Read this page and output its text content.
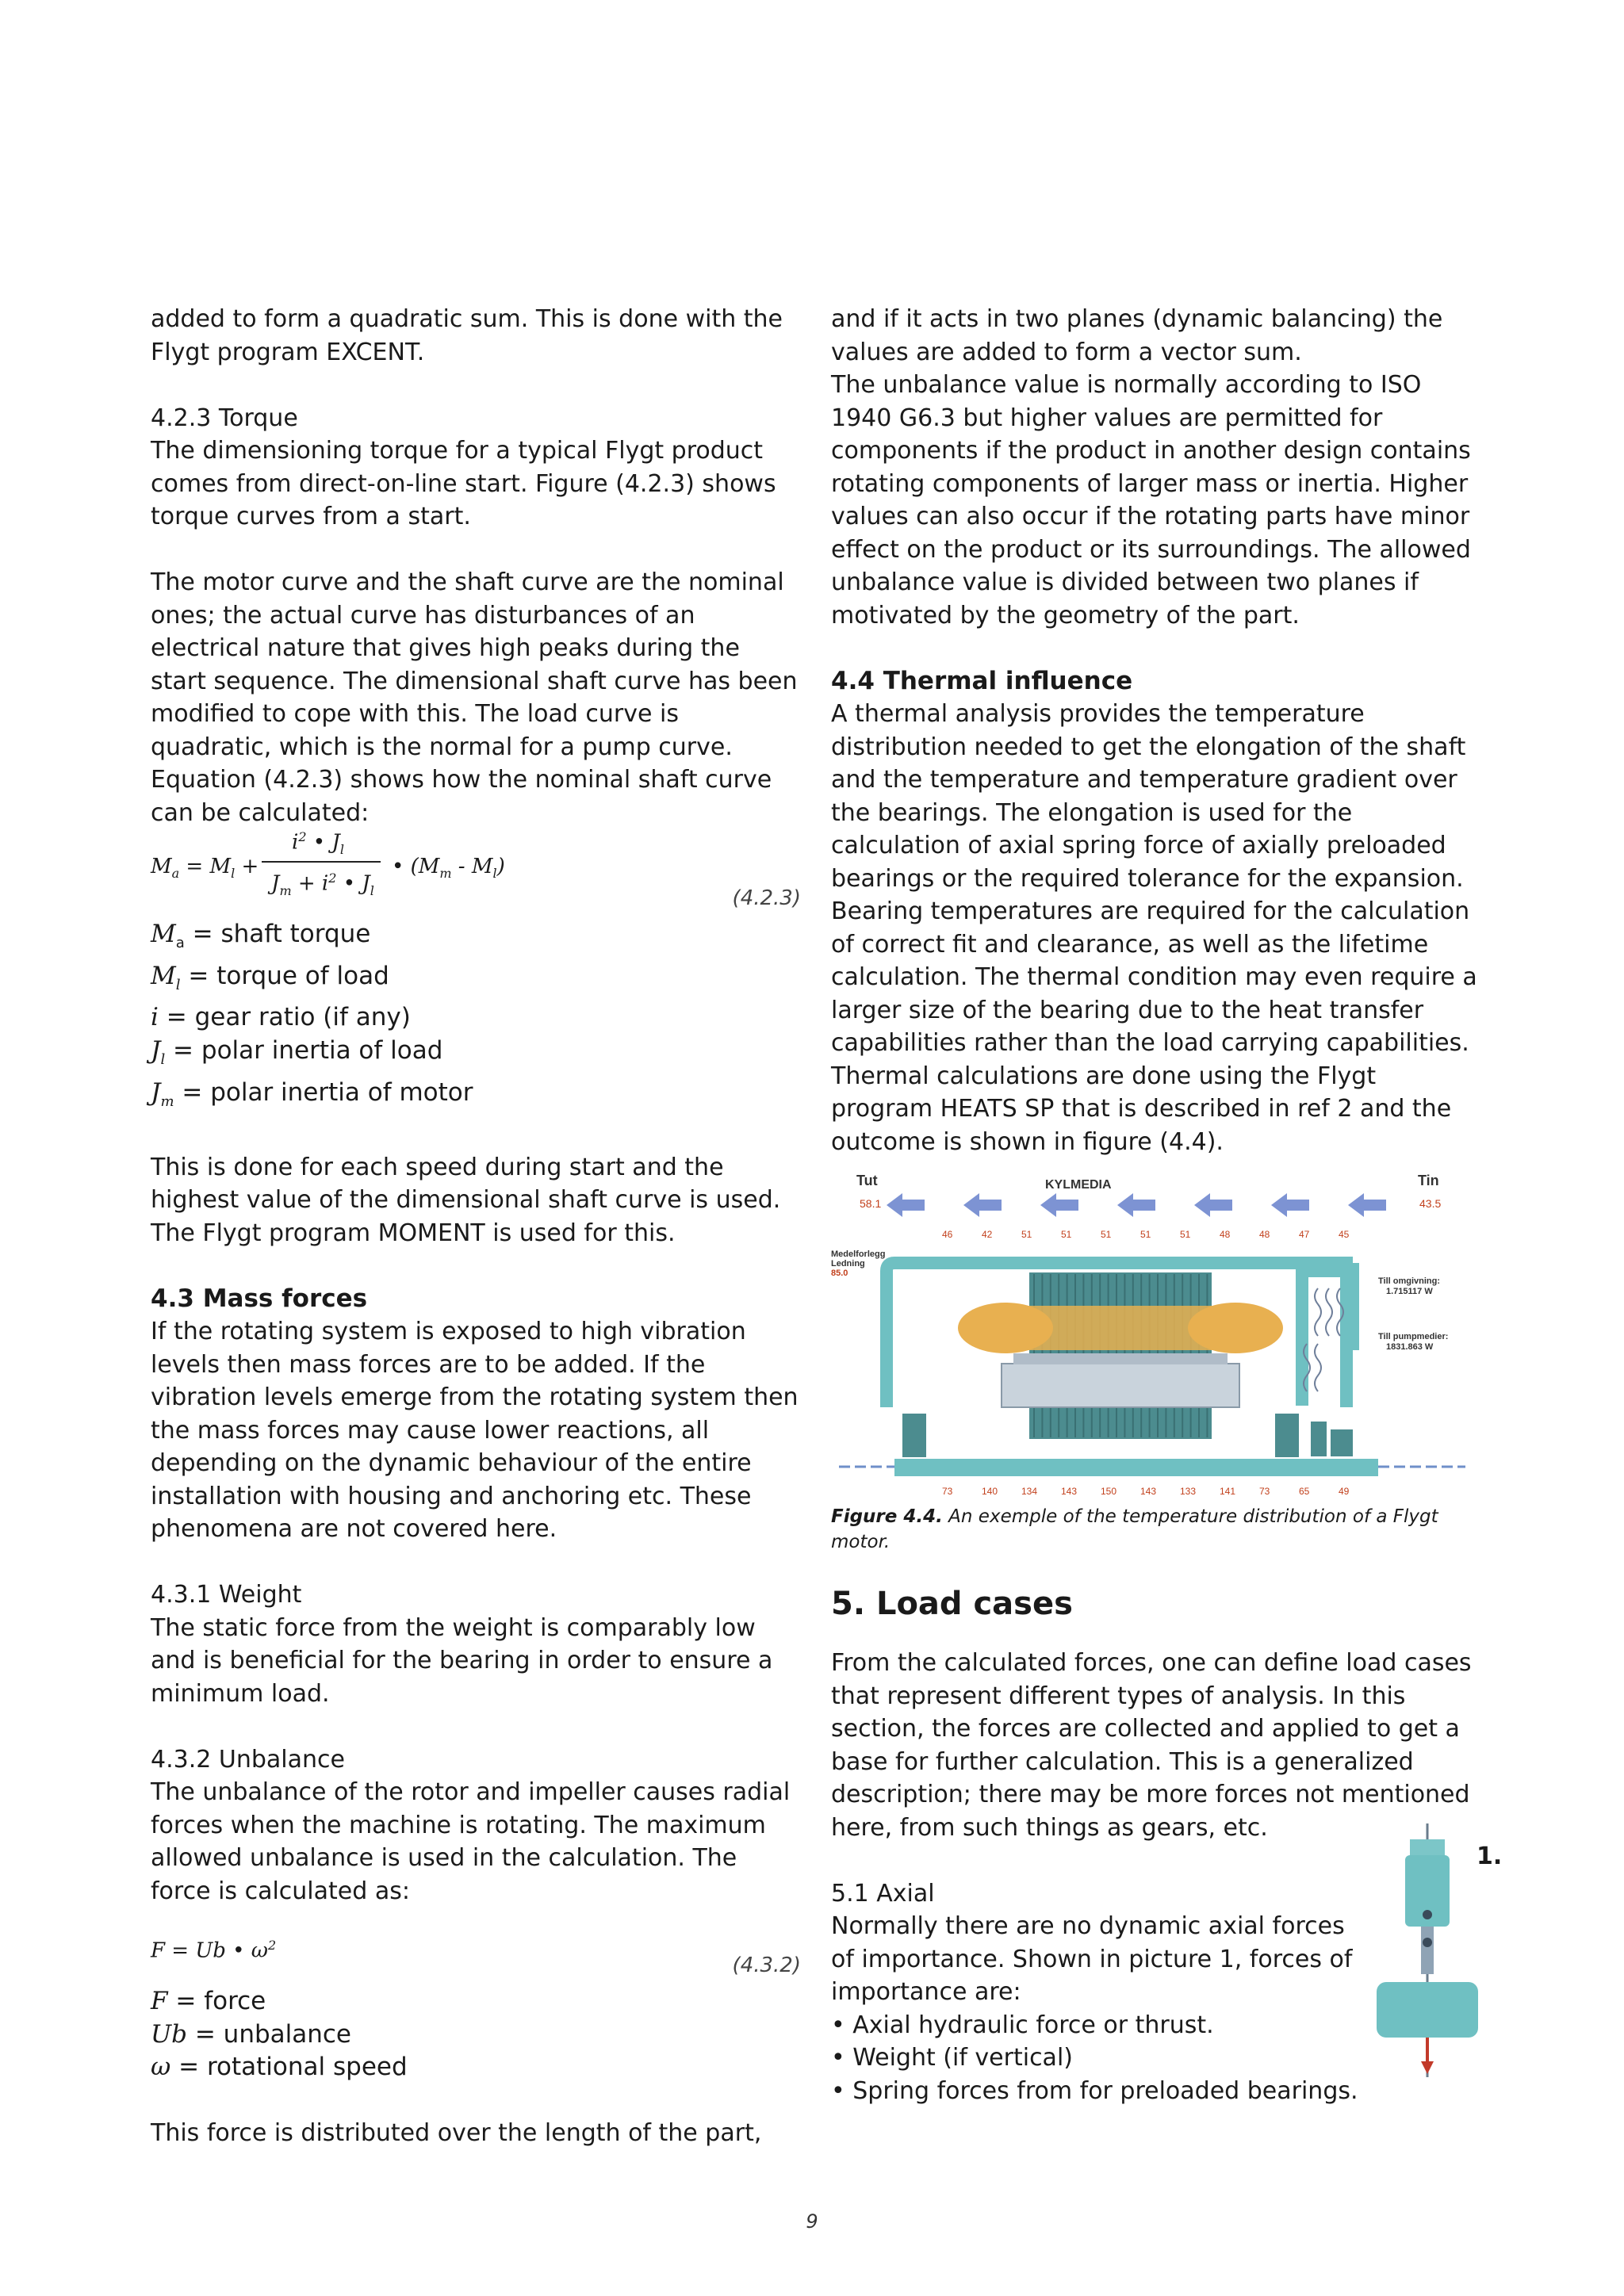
added to form a quadratic sum. This is done with the Flygt program EXCENT.

4.2.3 Torque

The dimensioning torque for a typical Flygt product comes from direct-on-line start. Figure (4.2.3) shows torque curves from a start.

The motor curve and the shaft curve are the nominal ones; the actual curve has disturbances of an electrical nature that gives high peaks during the start sequence. The dimensional shaft curve has been modified to cope with this. The load curve is quadratic, which is the normal for a pump curve. Equation (4.2.3) shows how the nominal shaft curve can be calculated:

$M_a = M_l$ +
$i^2$ • $J_l$
$J_m + i^2$ • $J_l$
• $(M_m - M_l)$
(4.2.3)

$M_a$ = shaft torque

$M_l$ = torque of load

i = gear ratio (if any)

$J_l$ = polar inertia of load

$J_m$ = polar inertia of motor

This is done for each speed during start and the highest value of the dimensional shaft curve is used. The Flygt program MOMENT is used for this.

4.3 Mass forces

If the rotating system is exposed to high vibration levels then mass forces are to be added. If the vibration levels emerge from the rotating system then the mass forces may cause lower reactions, all depending on the dynamic behaviour of the entire installation with housing and anchoring etc. These phenomena are not covered here.

4.3.1 Weight

The static force from the weight is comparably low and is beneficial for the bearing in order to ensure a minimum load.

4.3.2 Unbalance

The unbalance of the rotor and impeller causes radial forces when the machine is rotating. The maximum allowed unbalance is used in the calculation. The force is calculated as:

F = Ub • $\omega^2$
(4.3.2)

F = force

Ub = unbalance

ω = rotational speed

This force is distributed over the length of the part,

and if it acts in two planes (dynamic balancing) the values are added to form a vector sum.

The unbalance value is normally according to ISO 1940 G6.3 but higher values are permitted for components if the product in another design contains rotating components of larger mass or inertia. Higher values can also occur if the rotating parts have minor effect on the product or its surroundings. The allowed unbalance value is divided between two planes if motivated by the geometry of the part.

4.4 Thermal influence

A thermal analysis provides the temperature distribution needed to get the elongation of the shaft and the temperature and temperature gradient over the bearings. The elongation is used for the calculation of axial spring force of axially preloaded bearings or the required tolerance for the expansion. Bearing temperatures are required for the calculation of correct fit and clearance, as well as the lifetime calculation. The thermal condition may even require a larger size of the bearing due to the heat transfer capabilities rather than the load carrying capabilities. Thermal calculations are done using the Flygt program HEATS SP that is described in ref 2 and the outcome is shown in figure (4.4).

Tut	Tin
KYLMEDIA
58.1	43.5
46	42	51	51	51	51	51	48	48	47	45
Medelforlegg Ledning 85.0
Till omgivning: 1.715117 W
Till pumpmedier: 1831.863 W
73	140 134 143 150 143 133 141 73	65	49

Figure 4.4. An exemple of the temperature distribution of a Flygt motor.

5. Load cases

From the calculated forces, one can define load cases that represent different types of analysis. In this section, the forces are collected and applied to get a base for further calculation. This is a generalized description; there may be more forces not mentioned here, from such things as gears, etc.

5.1 Axial

Normally there are no dynamic axial forces of importance. Shown in picture 1, forces of importance are:

• Axial hydraulic force or thrust.

• Weight (if vertical)

• Spring forces from for preloaded bearings.

1.
9
